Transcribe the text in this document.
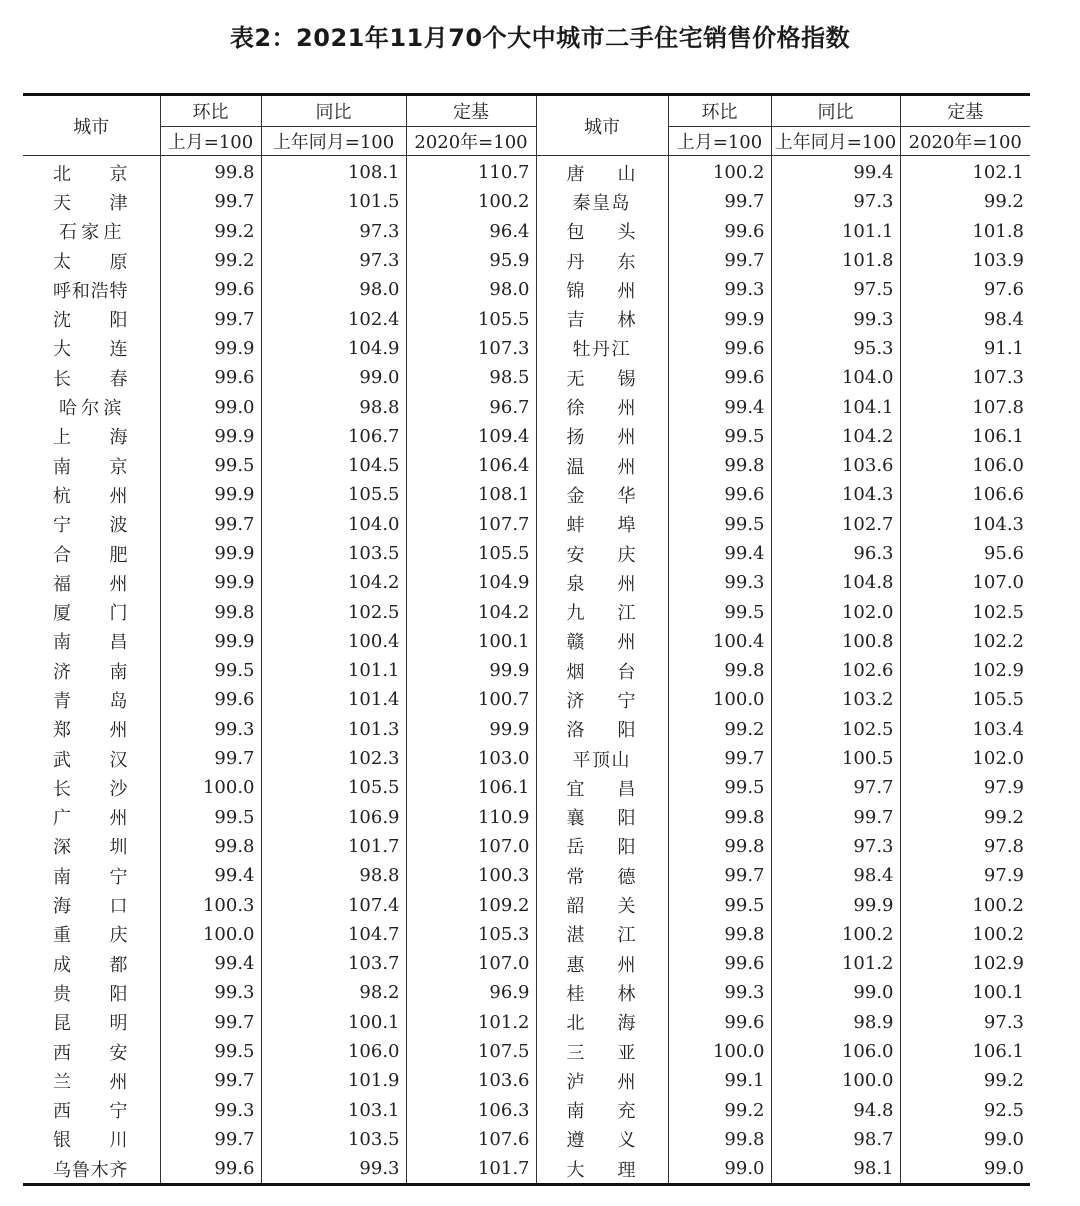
表2：2021年11月70个大中城市二手住宅销售价格指数
城市	环比	同比	定基	城市	环比	同比	定基
	上月=100	上年同月=100	2020年=100		上月=100	上年同月=100	2020年=100
北　京	99.8	108.1	110.7	唐　山	100.2	99.4	102.1
天　津	99.7	101.5	100.2	秦皇岛	99.7	97.3	99.2
石家庄	99.2	97.3	96.4	包　头	99.6	101.1	101.8
太　原	99.2	97.3	95.9	丹　东	99.7	101.8	103.9
呼和浩特	99.6	98.0	98.0	锦　州	99.3	97.5	97.6
沈　阳	99.7	102.4	105.5	吉　林	99.9	99.3	98.4
大　连	99.9	104.9	107.3	牡丹江	99.6	95.3	91.1
长　春	99.6	99.0	98.5	无　锡	99.6	104.0	107.3
哈尔滨	99.0	98.8	96.7	徐　州	99.4	104.1	107.8
上　海	99.9	106.7	109.4	扬　州	99.5	104.2	106.1
南　京	99.5	104.5	106.4	温　州	99.8	103.6	106.0
杭　州	99.9	105.5	108.1	金　华	99.6	104.3	106.6
宁　波	99.7	104.0	107.7	蚌　埠	99.5	102.7	104.3
合　肥	99.9	103.5	105.5	安　庆	99.4	96.3	95.6
福　州	99.9	104.2	104.9	泉　州	99.3	104.8	107.0
厦　门	99.8	102.5	104.2	九　江	99.5	102.0	102.5
南　昌	99.9	100.4	100.1	赣　州	100.4	100.8	102.2
济　南	99.5	101.1	99.9	烟　台	99.8	102.6	102.9
青　岛	99.6	101.4	100.7	济　宁	100.0	103.2	105.5
郑　州	99.3	101.3	99.9	洛　阳	99.2	102.5	103.4
武　汉	99.7	102.3	103.0	平顶山	99.7	100.5	102.0
长　沙	100.0	105.5	106.1	宜　昌	99.5	97.7	97.9
广　州	99.5	106.9	110.9	襄　阳	99.8	99.7	99.2
深　圳	99.8	101.7	107.0	岳　阳	99.8	97.3	97.8
南　宁	99.4	98.8	100.3	常　德	99.7	98.4	97.9
海　口	100.3	107.4	109.2	韶　关	99.5	99.9	100.2
重　庆	100.0	104.7	105.3	湛　江	99.8	100.2	100.2
成　都	99.4	103.7	107.0	惠　州	99.6	101.2	102.9
贵　阳	99.3	98.2	96.9	桂　林	99.3	99.0	100.1
昆　明	99.7	100.1	101.2	北　海	99.6	98.9	97.3
西　安	99.5	106.0	107.5	三　亚	100.0	106.0	106.1
兰　州	99.7	101.9	103.6	泸　州	99.1	100.0	99.2
西　宁	99.3	103.1	106.3	南　充	99.2	94.8	92.5
银　川	99.7	103.5	107.6	遵　义	99.8	98.7	99.0
乌鲁木齐	99.6	99.3	101.7	大　理	99.0	98.1	99.0
